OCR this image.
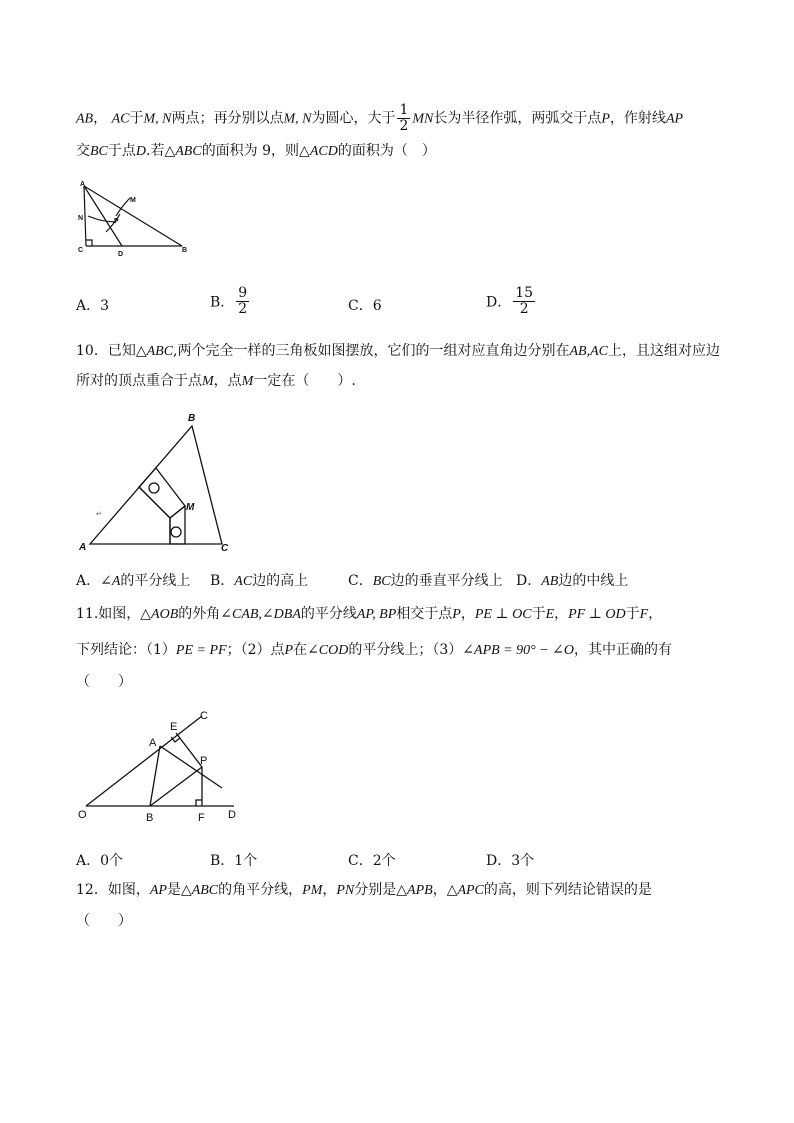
AB， AC于M, N两点；再分别以点M, N为圆心，大于 $\frac{1}{2}$ MN长为半径作弧，两弧交于点P，作射线AP
交BC于点D.若△ABC的面积为 9，则△ACD的面积为（　）
A
M
N	P
C
D
B
A．3	B． $\frac{9}{2}$	C．6	D． $\frac{15}{2}$
10．已知△ABC,两个完全一样的三角板如图摆放，它们的一组对应直角边分别在AB,AC上，且这组对应边
所对的顶点重合于点M，点M一定在（　　）.
B
M
A	C
↵
A．∠A的平分线上 B．AC边的高上	C．BC边的垂直平分线上 D．AB边的中线上
11.如图，△AOB的外角∠CAB,∠DBA的平分线AP, BP相交于点P，PE ⊥ OC于E，PF ⊥ OD于F，
下列结论：（1）PE = PF；（2）点P在∠COD的平分线上；（3）∠APB = 90° − ∠O，其中正确的有
（　　）
E
C
A
P
O	B	F D
A．0个	B．1个	C．2个	D．3个
12．如图，AP是△ABC的角平分线，PM，PN分别是△APB，△APC的高，则下列结论错误的是
（　　）
